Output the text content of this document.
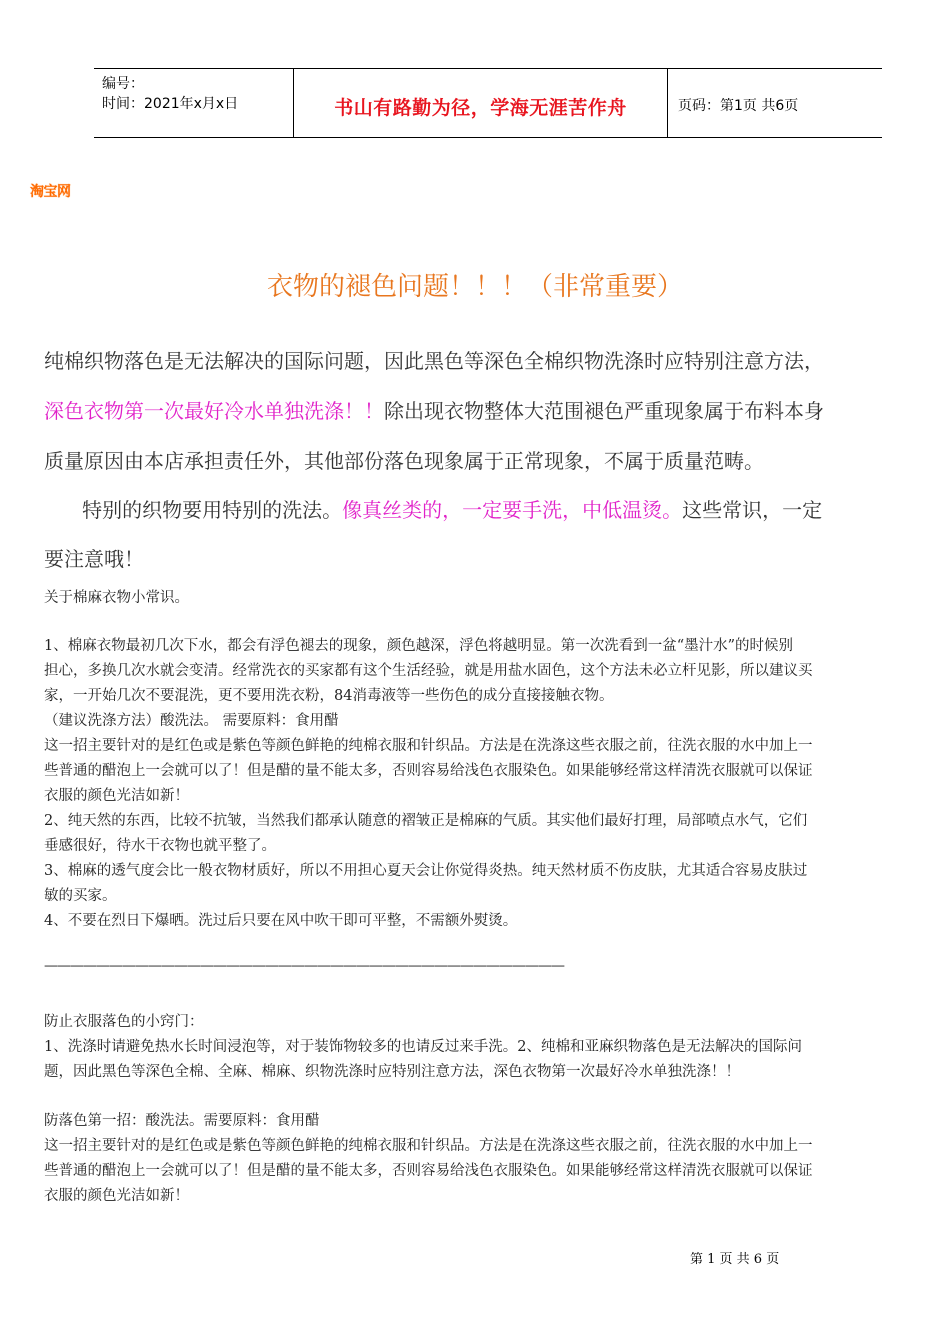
编号：
时间：2021年x月x日	书山有路勤为径，学海无涯苦作舟	页码：第1页 共6页
淘宝网
衣物的褪色问题！！！（非常重要）
纯棉织物落色是无法解决的国际问题，因此黑色等深色全棉织物洗涤时应特别注意方法，
深色衣物第一次最好冷水单独洗涤！！除出现衣物整体大范围褪色严重现象属于布料本身
质量原因由本店承担责任外，其他部份落色现象属于正常现象，不属于质量范畴。
特别的织物要用特别的洗法。像真丝类的，一定要手洗，中低温烫。这些常识，一定
要注意哦！
关于棉麻衣物小常识。
1、棉麻衣物最初几次下水，都会有浮色褪去的现象，颜色越深，浮色将越明显。第一次洗看到一盆“墨汁水”的时候别
担心，多换几次水就会变清。经常洗衣的买家都有这个生活经验，就是用盐水固色，这个方法未必立杆见影，所以建议买
家，一开始几次不要混洗，更不要用洗衣粉，84消毒液等一些伤色的成分直接接触衣物。
（建议洗涤方法）酸洗法。 需要原料：食用醋
这一招主要针对的是红色或是紫色等颜色鲜艳的纯棉衣服和针织品。方法是在洗涤这些衣服之前，往洗衣服的水中加上一
些普通的醋泡上一会就可以了！但是醋的量不能太多，否则容易给浅色衣服染色。如果能够经常这样清洗衣服就可以保证
衣服的颜色光洁如新！
2、纯天然的东西，比较不抗皱，当然我们都承认随意的褶皱正是棉麻的气质。其实他们最好打理，局部喷点水气，它们
垂感很好，待水干衣物也就平整了。
3、棉麻的透气度会比一般衣物材质好，所以不用担心夏天会让你觉得炎热。纯天然材质不伤皮肤，尤其适合容易皮肤过
敏的买家。
4、不要在烈日下爆晒。洗过后只要在风中吹干即可平整，不需额外熨烫。
————————————————————————————————————————
防止衣服落色的小窍门：
1、洗涤时请避免热水长时间浸泡等，对于装饰物较多的也请反过来手洗。2、纯棉和亚麻织物落色是无法解决的国际问
题，因此黑色等深色全棉、全麻、棉麻、织物洗涤时应特别注意方法，深色衣物第一次最好冷水单独洗涤！！
防落色第一招：酸洗法。需要原料：食用醋
这一招主要针对的是红色或是紫色等颜色鲜艳的纯棉衣服和针织品。方法是在洗涤这些衣服之前，往洗衣服的水中加上一
些普通的醋泡上一会就可以了！但是醋的量不能太多，否则容易给浅色衣服染色。如果能够经常这样清洗衣服就可以保证
衣服的颜色光洁如新！
第 1 页 共 6 页
